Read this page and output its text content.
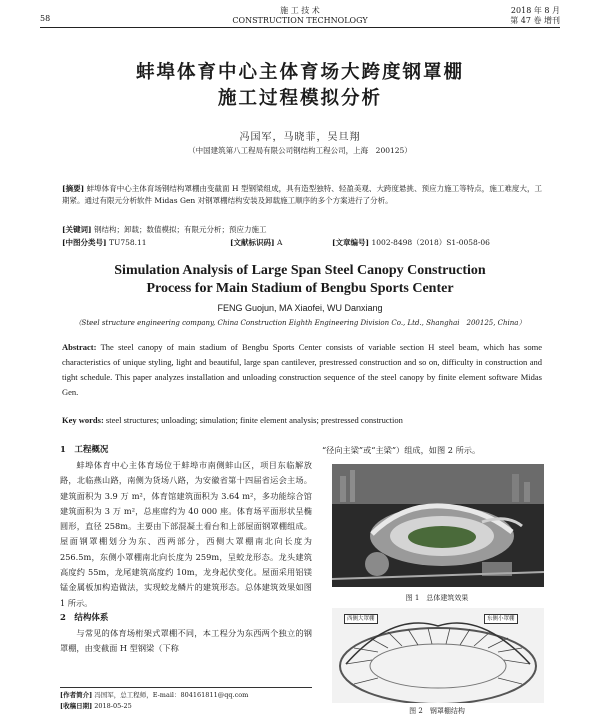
58
施 工 技 术
CONSTRUCTION TECHNOLOGY
2018 年 8 月
第 47 卷 增刊
蚌埠体育中心主体育场大跨度钢罩棚
施工过程模拟分析
冯国军，马晓菲，吴旦翔
（中国建筑第八工程局有限公司钢结构工程公司，上海　200125）
[摘要] 蚌埠体育中心主体育场钢结构罩棚由变截面 H 型钢梁组成，具有造型独特、轻盈美观、大跨度悬挑、预应力施工等特点，施工难度大，工期紧。通过有限元分析软件 Midas Gen 对钢罩棚结构安装及卸载施工顺序的多个方案进行了分析。
[关键词] 钢结构；卸载；数值模拟；有限元分析；预应力施工
[中图分类号] TU758.11	[文献标识码] A	[文章编号] 1002-8498（2018）S1-0058-06
Simulation Analysis of Large Span Steel Canopy Construction
Process for Main Stadium of Bengbu Sports Center
FENG Guojun, MA Xiaofei, WU Danxiang
（Steel structure engineering company, China Construction Eighth Engineering Division Co., Ltd., Shanghai　200125, China）
Abstract: The steel canopy of main stadium of Bengbu Sports Center consists of variable section H steel beam, which has some characteristics of unique styling, light and beautiful, large span cantilever, prestressed construction and so on, difficulty in construction and tight schedule. This paper analyzes installation and unloading construction sequence of the steel canopy by finite element software Midas Gen.
Key words: steel structures; unloading; simulation; finite element analysis; prestressed construction
1　工程概况

蚌埠体育中心主体育场位于蚌埠市南侧蚌山区，项目东临解放路，北临燕山路，南侧为货场八路，为安徽省第十四届省运会主场。建筑面积为 3.9 万 m²，体育馆建筑面积为 3.64 m²，多功能综合馆建筑面积为 3 万 m²，总座席约为 40 000 座。体育场平面形状呈椭圆形，直径 258m。主要由下部混凝土看台和上部屋面钢罩棚组成。屋面钢罩棚划分为东、西两部分，西侧大罩棚南北向长度为 256.5m，东侧小罩棚南北向长度为 259m，呈蛟龙形态。龙头建筑高度约 55m，龙尾建筑高度约 10m，龙身起伏变化。屋面采用铝镁锰金属板加构造做法，实现蛟龙鳞片的建筑形态。总体建筑效果如图 1 所示。

2　结构体系

与常见的体育场桁架式罩棚不同，本工程分为东西两个独立的钢罩棚，由变截面 H 型钢梁（下称

[作者简介] 冯国军，总工程师，E-mail：804161811@qq.com
[收稿日期] 2018-05-25
“径向主梁”或“主梁”）组成，如图 2 所示。
图 1　总体建筑效果
西侧大罩棚	东侧小罩棚
图 2　钢罩棚结构
